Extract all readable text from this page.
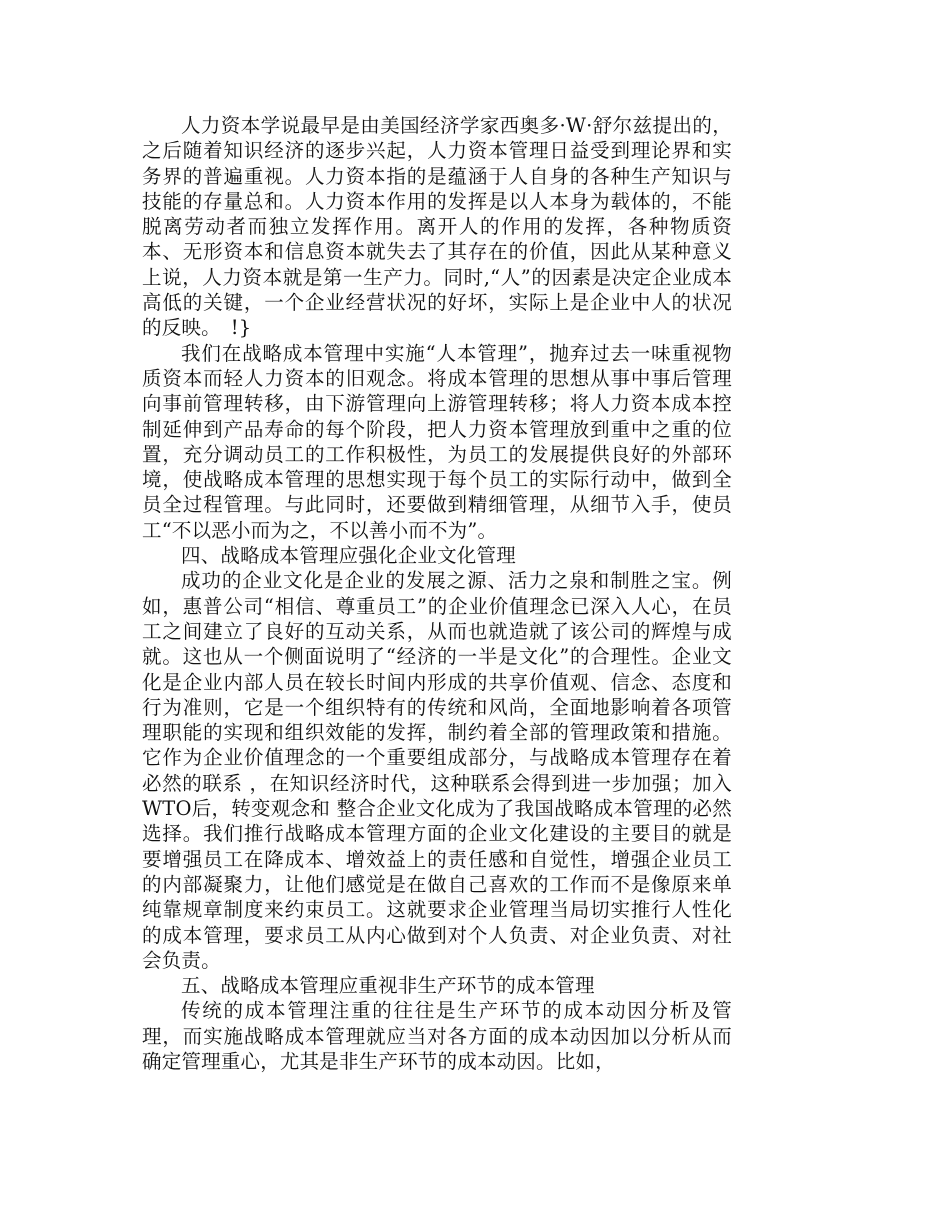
人力资本学说最早是由美国经济学家西奥多·W·舒尔兹提出的，之后随着知识经济的逐步兴起，人力资本管理日益受到理论界和实务界的普遍重视。人力资本指的是蕴涵于人自身的各种生产知识与技能的存量总和。人力资本作用的发挥是以人本身为载体的，不能脱离劳动者而独立发挥作用。离开人的作用的发挥，各种物质资本、无形资本和信息资本就失去了其存在的价值，因此从某种意义上说，人力资本就是第一生产力。同时,“人”的因素是决定企业成本高低的关键，一个企业经营状况的好坏，实际上是企业中人的状况的反映。　!}

我们在战略成本管理中实施“人本管理”，抛弃过去一味重视物质资本而轻人力资本的旧观念。将成本管理的思想从事中事后管理向事前管理转移，由下游管理向上游管理转移；将人力资本成本控制延伸到产品寿命的每个阶段，把人力资本管理放到重中之重的位置，充分调动员工的工作积极性，为员工的发展提供良好的外部环境，使战略成本管理的思想实现于每个员工的实际行动中，做到全员全过程管理。与此同时，还要做到精细管理，从细节入手，使员工“不以恶小而为之，不以善小而不为”。

四、战略成本管理应强化企业文化管理

成功的企业文化是企业的发展之源、活力之泉和制胜之宝。例如，惠普公司“相信、尊重员工”的企业价值理念已深入人心，在员工之间建立了良好的互动关系，从而也就造就了该公司的辉煌与成就。这也从一个侧面说明了“经济的一半是文化”的合理性。企业文化是企业内部人员在较长时间内形成的共享价值观、信念、态度和行为准则，它是一个组织特有的传统和风尚，全面地影响着各项管理职能的实现和组织效能的发挥，制约着全部的管理政策和措施。它作为企业价值理念的一个重要组成部分，与战略成本管理存在着必然的联系 ，在知识经济时代，这种联系会得到进一步加强；加入WTO后，转变观念和 整合企业文化成为了我国战略成本管理的必然选择。我们推行战略成本管理方面的企业文化建设的主要目的就是要增强员工在降成本、增效益上的责任感和自觉性，增强企业员工的内部凝聚力，让他们感觉是在做自己喜欢的工作而不是像原来单纯靠规章制度来约束员工。这就要求企业管理当局切实推行人性化的成本管理，要求员工从内心做到对个人负责、对企业负责、对社会负责。

五、战略成本管理应重视非生产环节的成本管理

传统的成本管理注重的往往是生产环节的成本动因分析及管理，而实施战略成本管理就应当对各方面的成本动因加以分析从而确定管理重心，尤其是非生产环节的成本动因。比如，
